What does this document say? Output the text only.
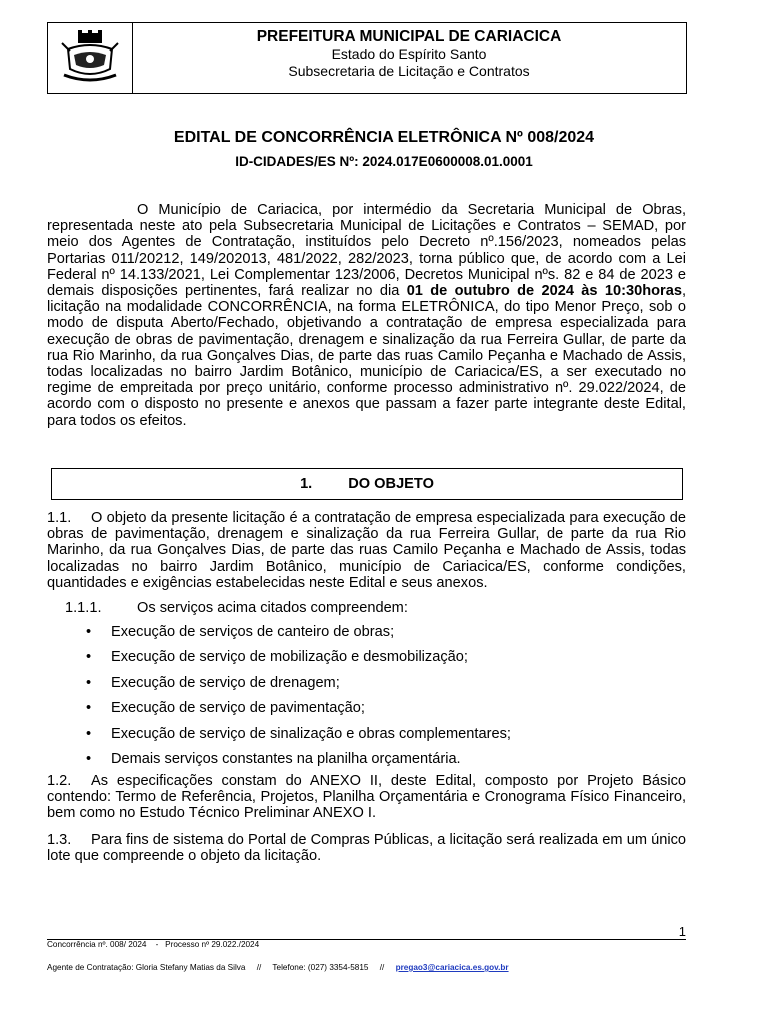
PREFEITURA MUNICIPAL DE CARIACICA
Estado do Espírito Santo
Subsecretaria de Licitação e Contratos
EDITAL DE CONCORRÊNCIA ELETRÔNICA Nº 008/2024
ID-CIDADES/ES Nº: 2024.017E0600008.01.0001
O Município de Cariacica, por intermédio da Secretaria Municipal de Obras, representada neste ato pela Subsecretaria Municipal de Licitações e Contratos – SEMAD, por meio dos Agentes de Contratação, instituídos pelo Decreto nº.156/2023, nomeados pelas Portarias 011/20212, 149/202013, 481/2022, 282/2023, torna público que, de acordo com a Lei Federal nº 14.133/2021, Lei Complementar 123/2006, Decretos Municipal nºs. 82 e 84 de 2023 e demais disposições pertinentes, fará realizar no dia 01 de outubro de 2024 às 10:30horas, licitação na modalidade CONCORRÊNCIA, na forma ELETRÔNICA, do tipo Menor Preço, sob o modo de disputa Aberto/Fechado, objetivando a contratação de empresa especializada para execução de obras de pavimentação, drenagem e sinalização da rua Ferreira Gullar, de parte da rua Rio Marinho, da rua Gonçalves Dias, de parte das ruas Camilo Peçanha e Machado de Assis, todas localizadas no bairro Jardim Botânico, município de Cariacica/ES, a ser executado no regime de empreitada por preço unitário, conforme processo administrativo nº. 29.022/2024, de acordo com o disposto no presente e anexos que passam a fazer parte integrante deste Edital, para todos os efeitos.
1. DO OBJETO
1.1. O objeto da presente licitação é a contratação de empresa especializada para execução de obras de pavimentação, drenagem e sinalização da rua Ferreira Gullar, de parte da rua Rio Marinho, da rua Gonçalves Dias, de parte das ruas Camilo Peçanha e Machado de Assis, todas localizadas no bairro Jardim Botânico, município de Cariacica/ES, conforme condições, quantidades e exigências estabelecidas neste Edital e seus anexos.
1.1.1. Os serviços acima citados compreendem:
•	Execução de serviços de canteiro de obras;
•	Execução de serviço de mobilização e desmobilização;
•	Execução de serviço de drenagem;
•	Execução de serviço de pavimentação;
•	Execução de serviço de sinalização e obras complementares;
•	Demais serviços constantes na planilha orçamentária.
1.2. As especificações constam do ANEXO II, deste Edital, composto por Projeto Básico contendo: Termo de Referência, Projetos, Planilha Orçamentária e Cronograma Físico Financeiro, bem como no Estudo Técnico Preliminar ANEXO I.
1.3. Para fins de sistema do Portal de Compras Públicas, a licitação será realizada em um único lote que compreende o objeto da licitação.
1
Concorrência nº. 008/ 2024    -   Processo nº 29.022./2024
Agente de Contratação: Gloria Stefany Matias da Silva // Telefone: (027) 3354-5815 // pregao3@cariacica.es.gov.br
